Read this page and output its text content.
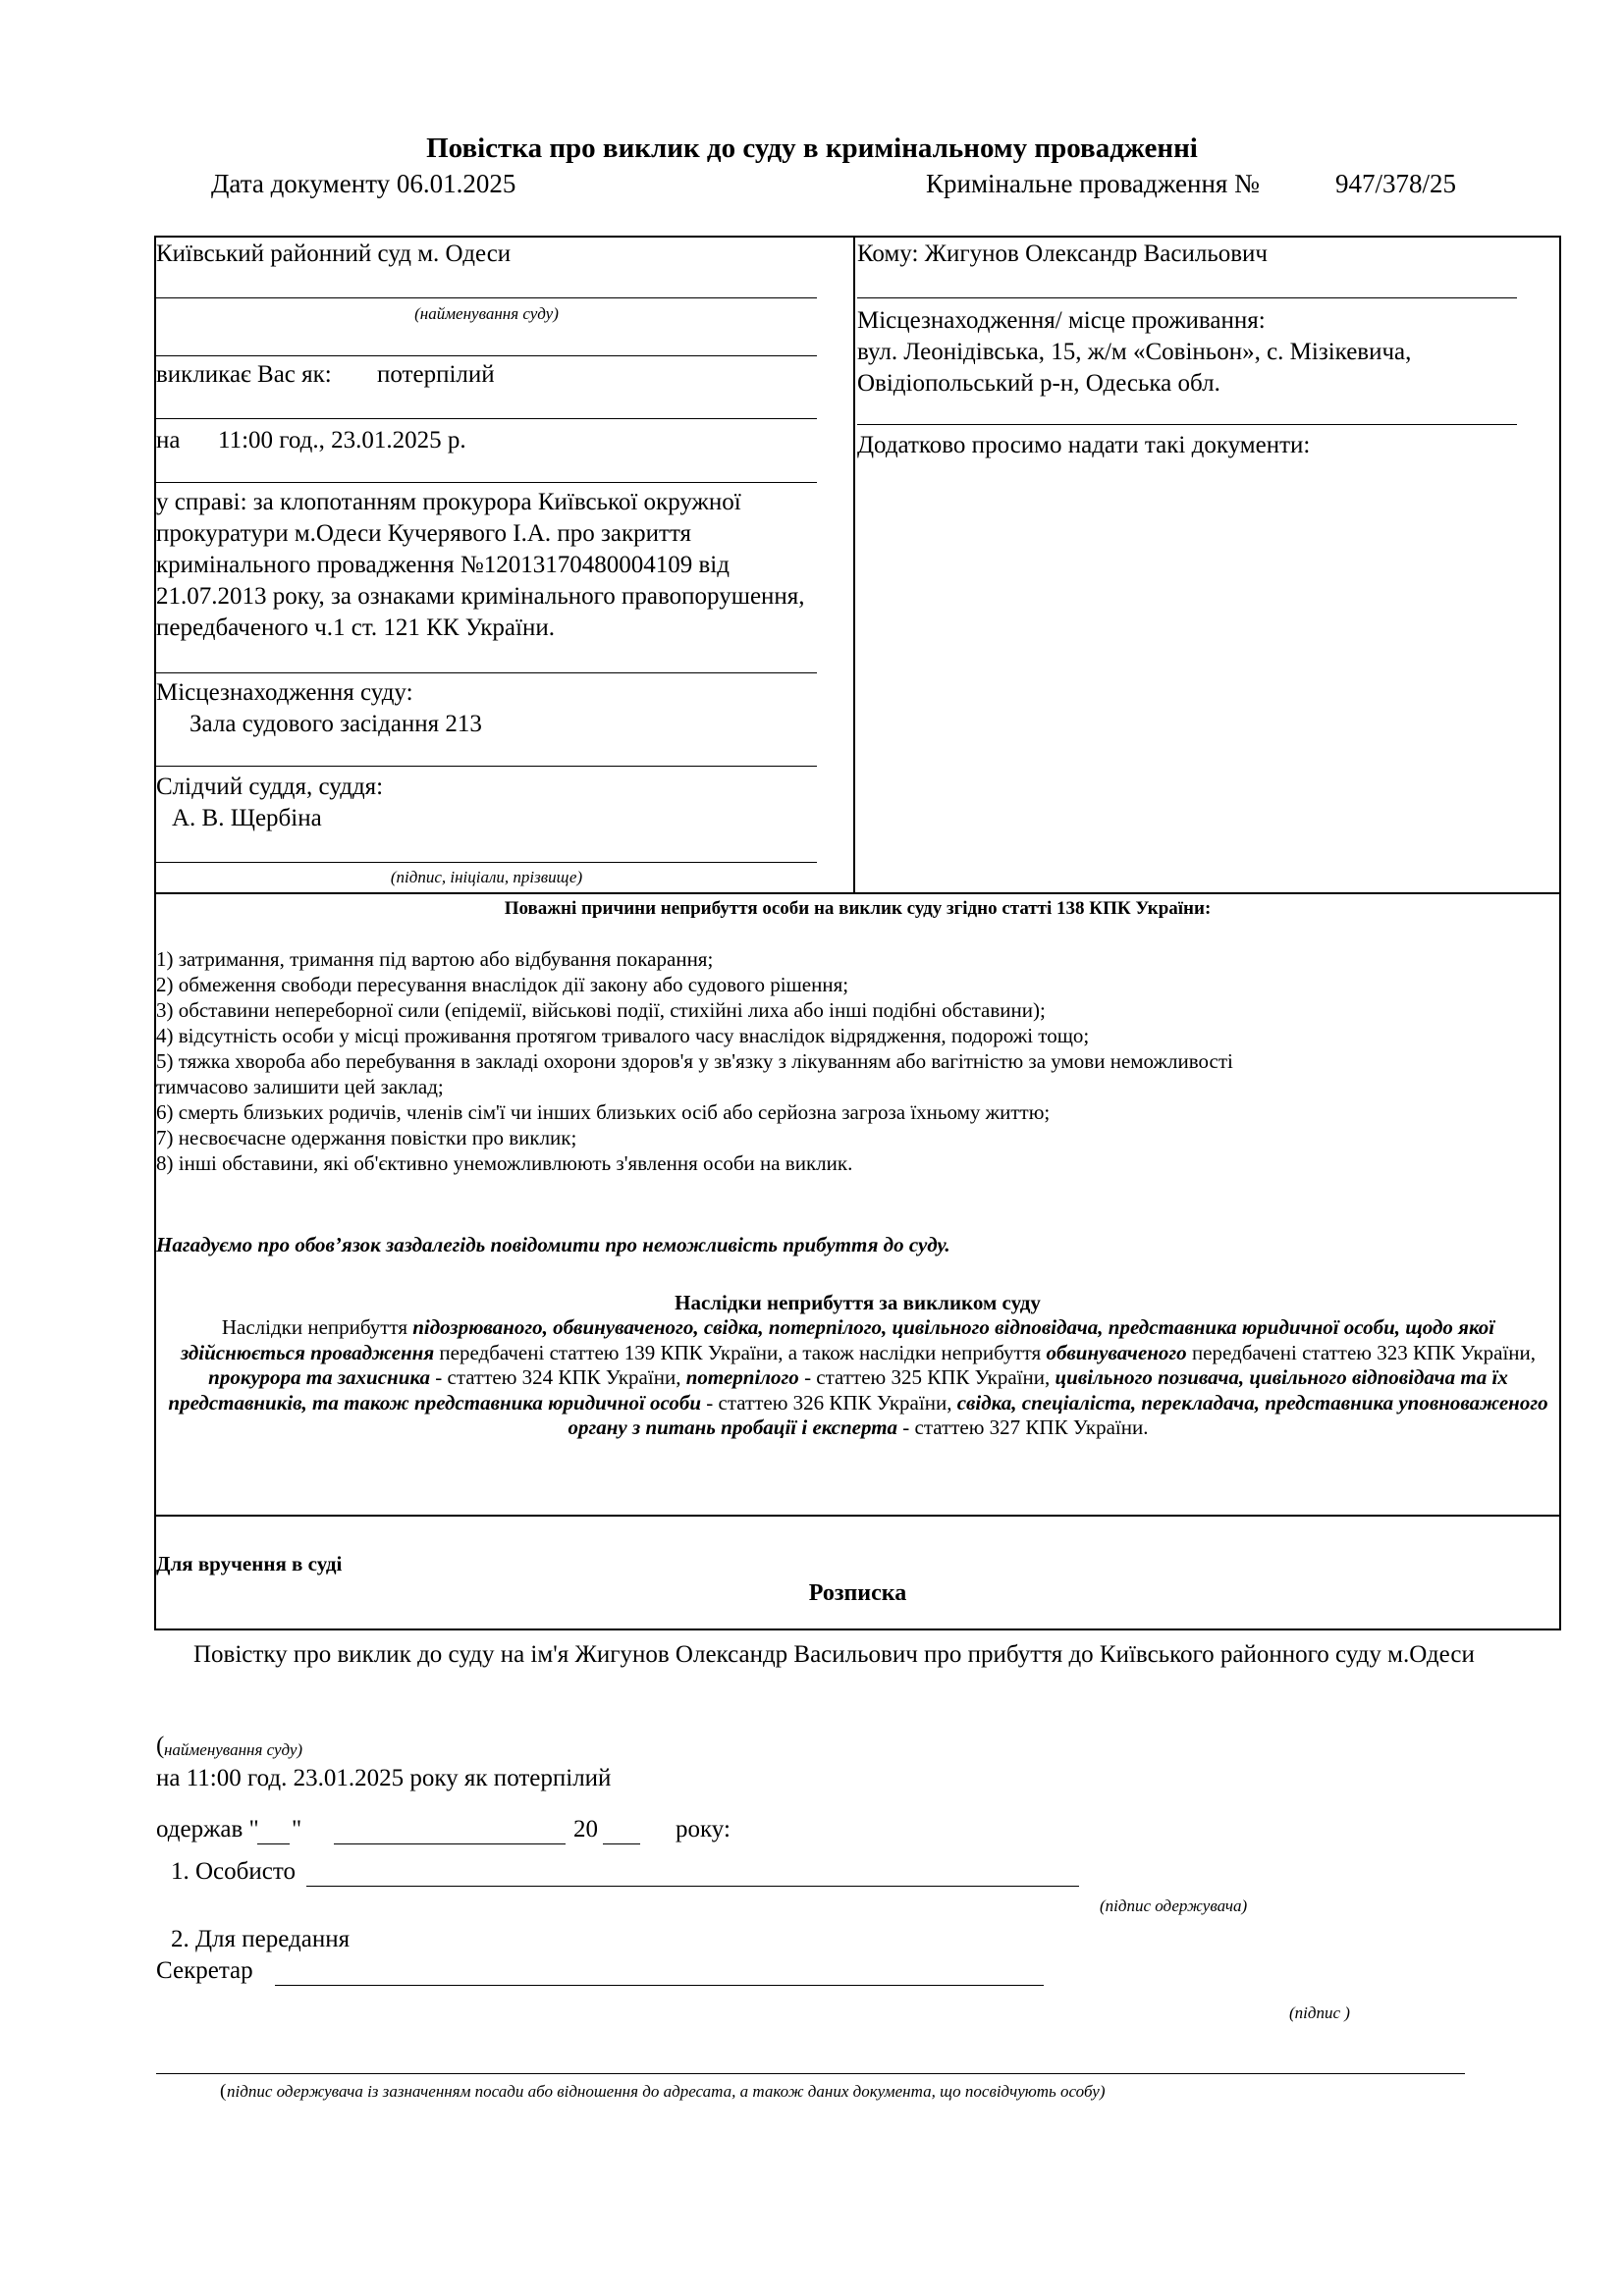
Повістка про виклик до суду в кримінальному провадженні
Дата документу 06.01.2025	Кримінальне провадження №	947/378/25
Київський районний суд м. Одеси
(найменування суду)
викликає Вас як: потерпілий
на 11:00 год., 23.01.2025 р.
у справі: за клопотанням прокурора Київської окружної прокуратури м.Одеси Кучерявого І.А. про закриття кримінального провадження №12013170480004109 від 21.07.2013 року, за ознаками кримінального правопорушення, передбаченого ч.1 ст. 121 КК України.
Місцезнаходження суду:
Зала судового засідання 213
Слідчий суддя, суддя:
А. В. Щербіна
(підпис, ініціали, прізвище)
Кому: Жигунов Олександр Васильович
Місцезнаходження/ місце проживання:
вул. Леонідівська, 15, ж/м «Совіньон», с. Мізікевича,
Овідіопольський р-н, Одеська обл.
Додатково просимо надати такі документи:
Поважні причини неприбуття особи на виклик суду згідно статті 138 КПК України:
1) затримання, тримання під вартою або відбування покарання;
2) обмеження свободи пересування внаслідок дії закону або судового рішення;
3) обставини непереборної сили (епідемії, військові події, стихійні лиха або інші подібні обставини);
4) відсутність особи у місці проживання протягом тривалого часу внаслідок відрядження, подорожі тощо;
5) тяжка хвороба або перебування в закладі охорони здоров'я у зв'язку з лікуванням або вагітністю за умови неможливості
тимчасово залишити цей заклад;
6) смерть близьких родичів, членів сім'ї чи інших близьких осіб або серйозна загроза їхньому життю;
7) несвоєчасне одержання повістки про виклик;
8) інші обставини, які об'єктивно унеможливлюють з'явлення особи на виклик.
Нагадуємо про обов’язок заздалегідь повідомити про неможливість прибуття до суду.
Наслідки неприбуття за викликом суду
Наслідки неприбуття підозрюваного, обвинуваченого, свідка, потерпілого, цивільного відповідача, представника юридичної особи, щодо якої здійснюється провадження передбачені статтею 139 КПК України, а також наслідки неприбуття обвинуваченого передбачені статтею 323 КПК України, прокурора та захисника - статтею 324 КПК України, потерпілого - статтею 325 КПК України, цивільного позивача, цивільного відповідача та їх представників, та також представника юридичної особи - статтею 326 КПК України, свідка, спеціаліста, перекладача, представника уповноваженого органу з питань пробації і експерта - статтею 327 КПК України.
Для вручення в суді
Розписка
Повістку про виклик до суду на ім'я Жигунов Олександр Васильович про прибуття до Київського районного суду м.Одеси
( найменування суду)
на 11:00 год. 23.01.2025 року як потерпілий
одержав " "	20	року:
1. Особисто
(підпис одержувача)
2. Для передання
Секретар
(підпис )
( підпис одержувача із зазначенням посади або відношення до адресата, а також даних документа, що посвідчують особу)
